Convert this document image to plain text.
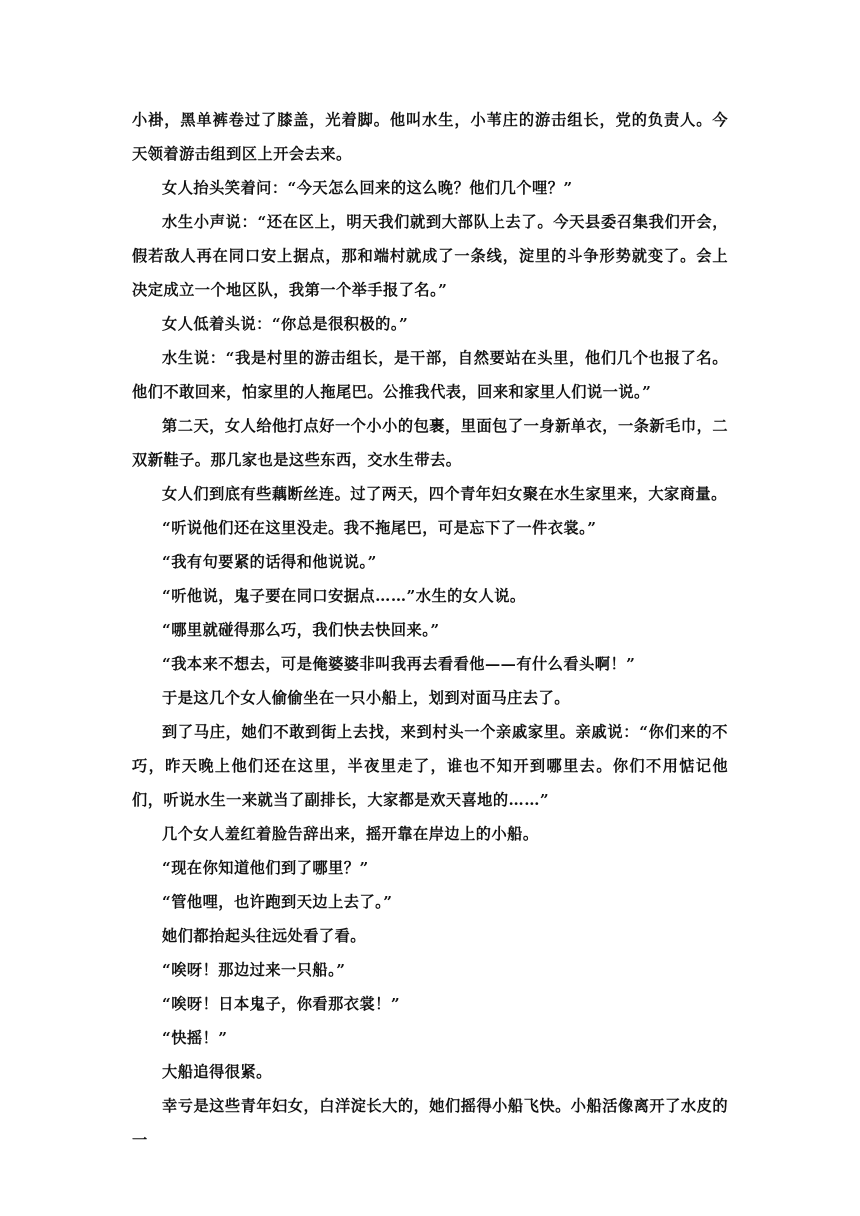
小褂，黑单裤卷过了膝盖，光着脚。他叫水生，小苇庄的游击组长，党的负责人。今天领着游击组到区上开会去来。

女人抬头笑着问：“今天怎么回来的这么晚？他们几个哩？”

水生小声说：“还在区上，明天我们就到大部队上去了。今天县委召集我们开会，假若敌人再在同口安上据点，那和端村就成了一条线，淀里的斗争形势就变了。会上决定成立一个地区队，我第一个举手报了名。”

女人低着头说：“你总是很积极的。”

水生说：“我是村里的游击组长，是干部，自然要站在头里，他们几个也报了名。他们不敢回来，怕家里的人拖尾巴。公推我代表，回来和家里人们说一说。”

第二天，女人给他打点好一个小小的包裹，里面包了一身新单衣，一条新毛巾，二双新鞋子。那几家也是这些东西，交水生带去。

女人们到底有些藕断丝连。过了两天，四个青年妇女聚在水生家里来，大家商量。

“听说他们还在这里没走。我不拖尾巴，可是忘下了一件衣裳。”

“我有句要紧的话得和他说说。”

“听他说，鬼子要在同口安据点……”水生的女人说。

“哪里就碰得那么巧，我们快去快回来。”

“我本来不想去，可是俺婆婆非叫我再去看看他——有什么看头啊！”

于是这几个女人偷偷坐在一只小船上，划到对面马庄去了。

到了马庄，她们不敢到街上去找，来到村头一个亲戚家里。亲戚说：“你们来的不巧，昨天晚上他们还在这里，半夜里走了，谁也不知开到哪里去。你们不用惦记他们，听说水生一来就当了副排长，大家都是欢天喜地的……”

几个女人羞红着脸告辞出来，摇开靠在岸边上的小船。

“现在你知道他们到了哪里？”

“管他哩，也许跑到天边上去了。”

她们都抬起头往远处看了看。

“唉呀！那边过来一只船。”

“唉呀！日本鬼子，你看那衣裳！”

“快摇！”

大船追得很紧。

幸亏是这些青年妇女，白洋淀长大的，她们摇得小船飞快。小船活像离开了水皮的一
